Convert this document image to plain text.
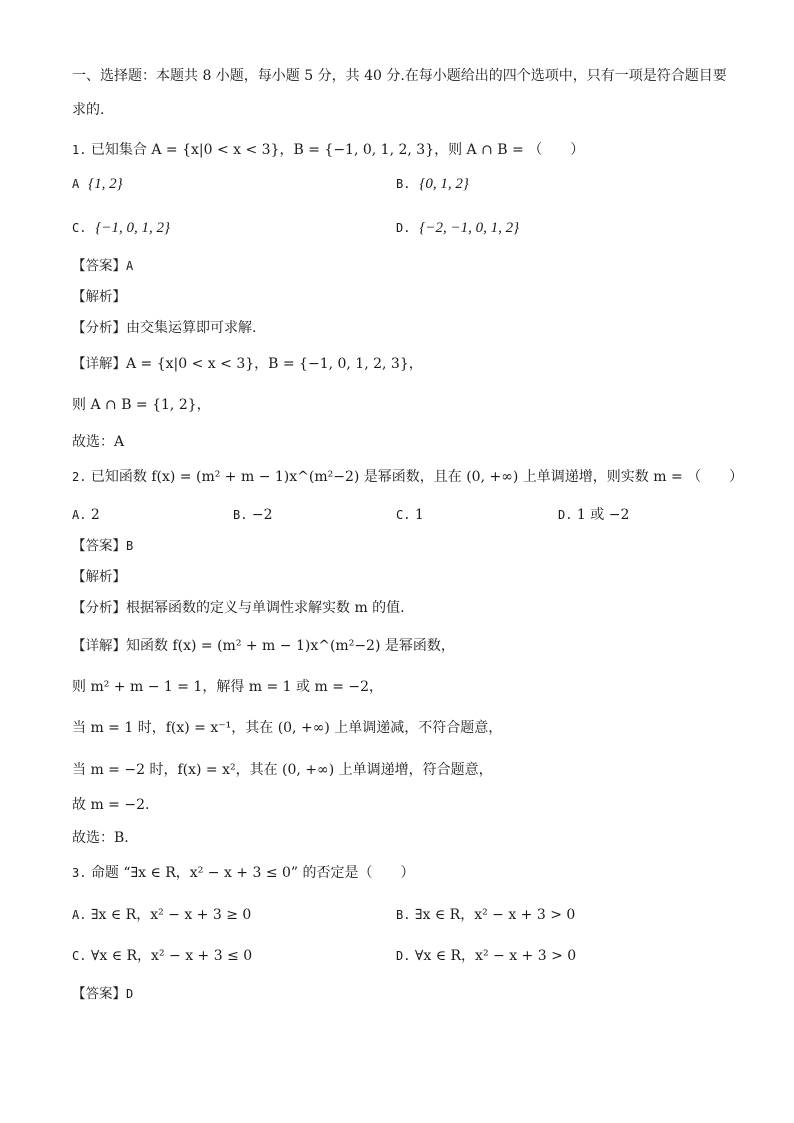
一、选择题：本题共 8 小题，每小题 5 分，共 40 分.在每小题给出的四个选项中，只有一项是符合题目要
求的.
1. 已知集合 A = {x|0 < x < 3}，B = {−1, 0, 1, 2, 3}，则 A ∩ B = （　　）
A {1, 2}	B. {0, 1, 2}
C. {−1, 0, 1, 2}	D. {−2, −1, 0, 1, 2}
【答案】A
【解析】
【分析】由交集运算即可求解.
【详解】A = {x|0 < x < 3}，B = {−1, 0, 1, 2, 3}，
则 A ∩ B = {1, 2}，
故选：A
2. 已知函数 f(x) = (m² + m − 1)x^(m²−2) 是幂函数，且在 (0, +∞) 上单调递增，则实数 m = （　　）
A. 2	B. −2	C. 1	D. 1 或 −2
【答案】B
【解析】
【分析】根据幂函数的定义与单调性求解实数 m 的值.
【详解】知函数 f(x) = (m² + m − 1)x^(m²−2) 是幂函数，
则 m² + m − 1 = 1，解得 m = 1 或 m = −2，
当 m = 1 时，f(x) = x⁻¹，其在 (0, +∞) 上单调递减，不符合题意，
当 m = −2 时，f(x) = x²，其在 (0, +∞) 上单调递增，符合题意，
故 m = −2.
故选：B.
3. 命题 “∃x ∈ R，x² − x + 3 ≤ 0” 的否定是（　　）
A. ∃x ∈ R，x² − x + 3 ≥ 0	B. ∃x ∈ R，x² − x + 3 > 0
C. ∀x ∈ R，x² − x + 3 ≤ 0	D. ∀x ∈ R，x² − x + 3 > 0
【答案】D
